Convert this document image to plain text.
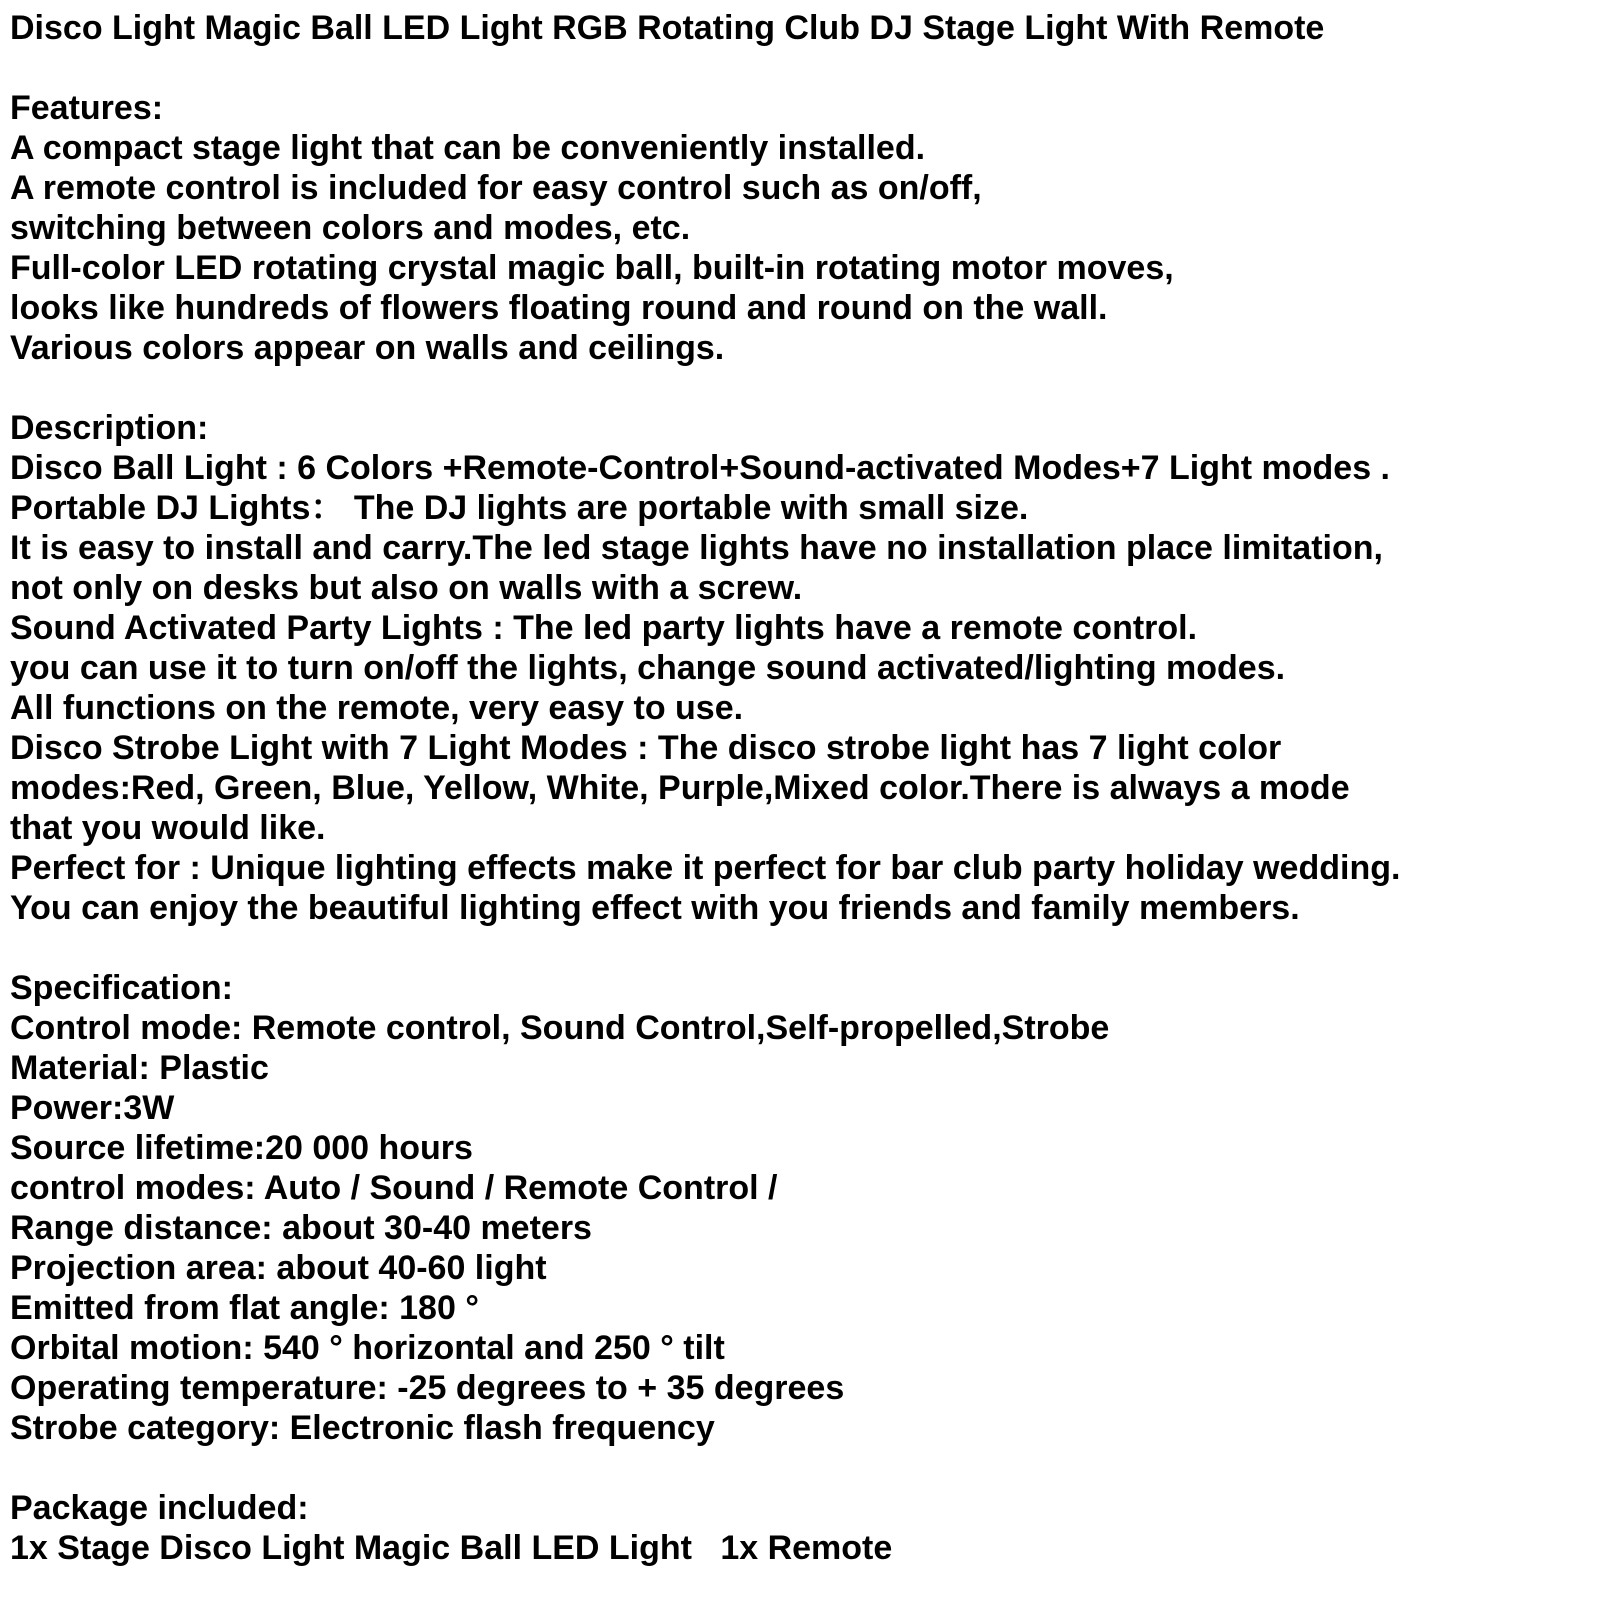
Disco Light Magic Ball LED Light RGB Rotating Club DJ Stage Light With Remote
Features:
A compact stage light that can be conveniently installed.
A remote control is included for easy control such as on/off,
switching between colors and modes, etc.
Full-color LED rotating crystal magic ball, built-in rotating motor moves,
looks like hundreds of flowers floating round and round on the wall.
Various colors appear on walls and ceilings.
Description:
Disco Ball Light : 6 Colors +Remote-Control+Sound-activated Modes+7 Light modes .
Portable DJ Lights： The DJ lights are portable with small size.
It is easy to install and carry.The led stage lights have no installation place limitation,
not only on desks but also on walls with a screw.
Sound Activated Party Lights : The led party lights have a remote control.
you can use it to turn on/off the lights, change sound activated/lighting modes.
All functions on the remote, very easy to use.
Disco Strobe Light with 7 Light Modes : The disco strobe light has 7 light color
modes:Red, Green, Blue, Yellow, White, Purple,Mixed color.There is always a mode
that you would like.
Perfect for : Unique lighting effects make it perfect for bar club party holiday wedding.
You can enjoy the beautiful lighting effect with you friends and family members.
Specification:
Control mode: Remote control, Sound Control,Self-propelled,Strobe
Material: Plastic
Power:3W
Source lifetime:20 000 hours
control modes: Auto / Sound / Remote Control /
Range distance: about 30-40 meters
Projection area: about 40-60 light
Emitted from flat angle: 180 °
Orbital motion: 540 ° horizontal and 250 ° tilt
Operating temperature: -25 degrees to + 35 degrees
Strobe category: Electronic flash frequency
Package included:
1x Stage Disco Light Magic Ball LED Light   1x Remote
